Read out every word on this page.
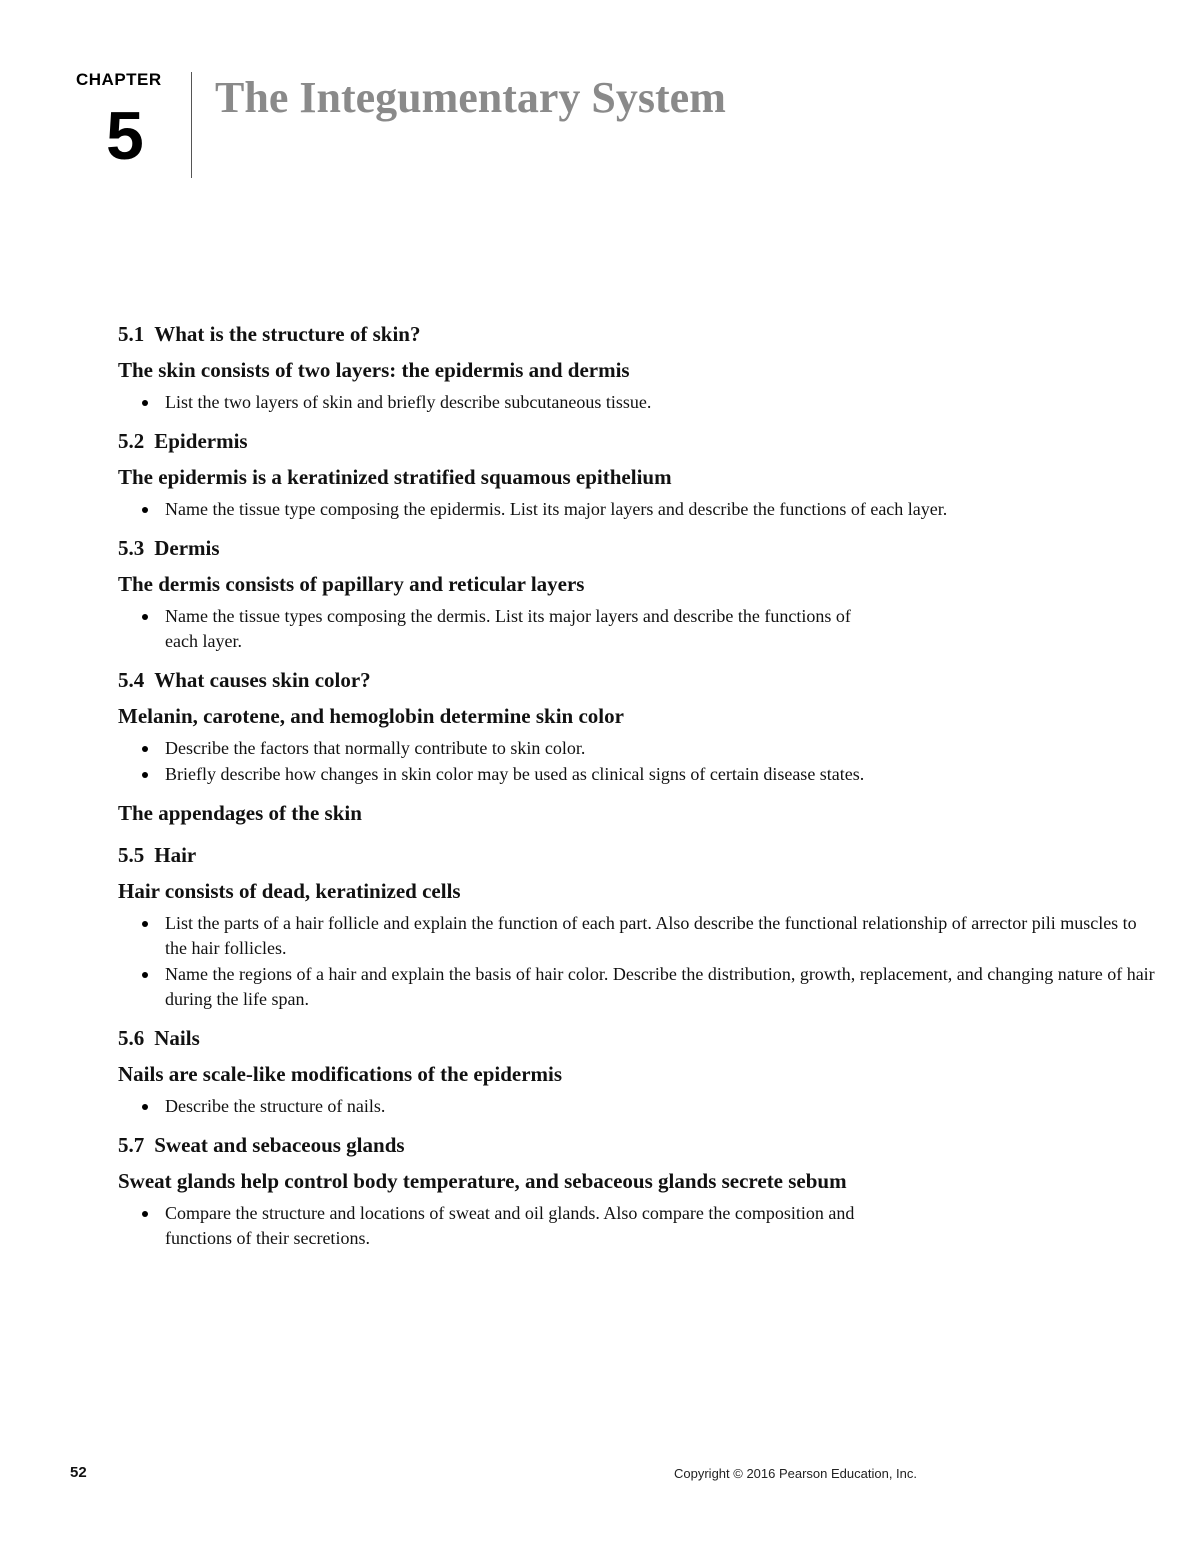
CHAPTER
5
The Integumentary System
5.1 What is the structure of skin?
The skin consists of two layers: the epidermis and dermis
List the two layers of skin and briefly describe subcutaneous tissue.
5.2 Epidermis
The epidermis is a keratinized stratified squamous epithelium
Name the tissue type composing the epidermis. List its major layers and describe the functions of each layer.
5.3 Dermis
The dermis consists of papillary and reticular layers
Name the tissue types composing the dermis. List its major layers and describe the functions of each layer.
5.4 What causes skin color?
Melanin, carotene, and hemoglobin determine skin color
Describe the factors that normally contribute to skin color.
Briefly describe how changes in skin color may be used as clinical signs of certain disease states.
The appendages of the skin
5.5 Hair
Hair consists of dead, keratinized cells
List the parts of a hair follicle and explain the function of each part. Also describe the functional relationship of arrector pili muscles to the hair follicles.
Name the regions of a hair and explain the basis of hair color. Describe the distribution, growth, replacement, and changing nature of hair during the life span.
5.6 Nails
Nails are scale-like modifications of the epidermis
Describe the structure of nails.
5.7 Sweat and sebaceous glands
Sweat glands help control body temperature, and sebaceous glands secrete sebum
Compare the structure and locations of sweat and oil glands. Also compare the composition and functions of their secretions.
52	Copyright © 2016 Pearson Education, Inc.
